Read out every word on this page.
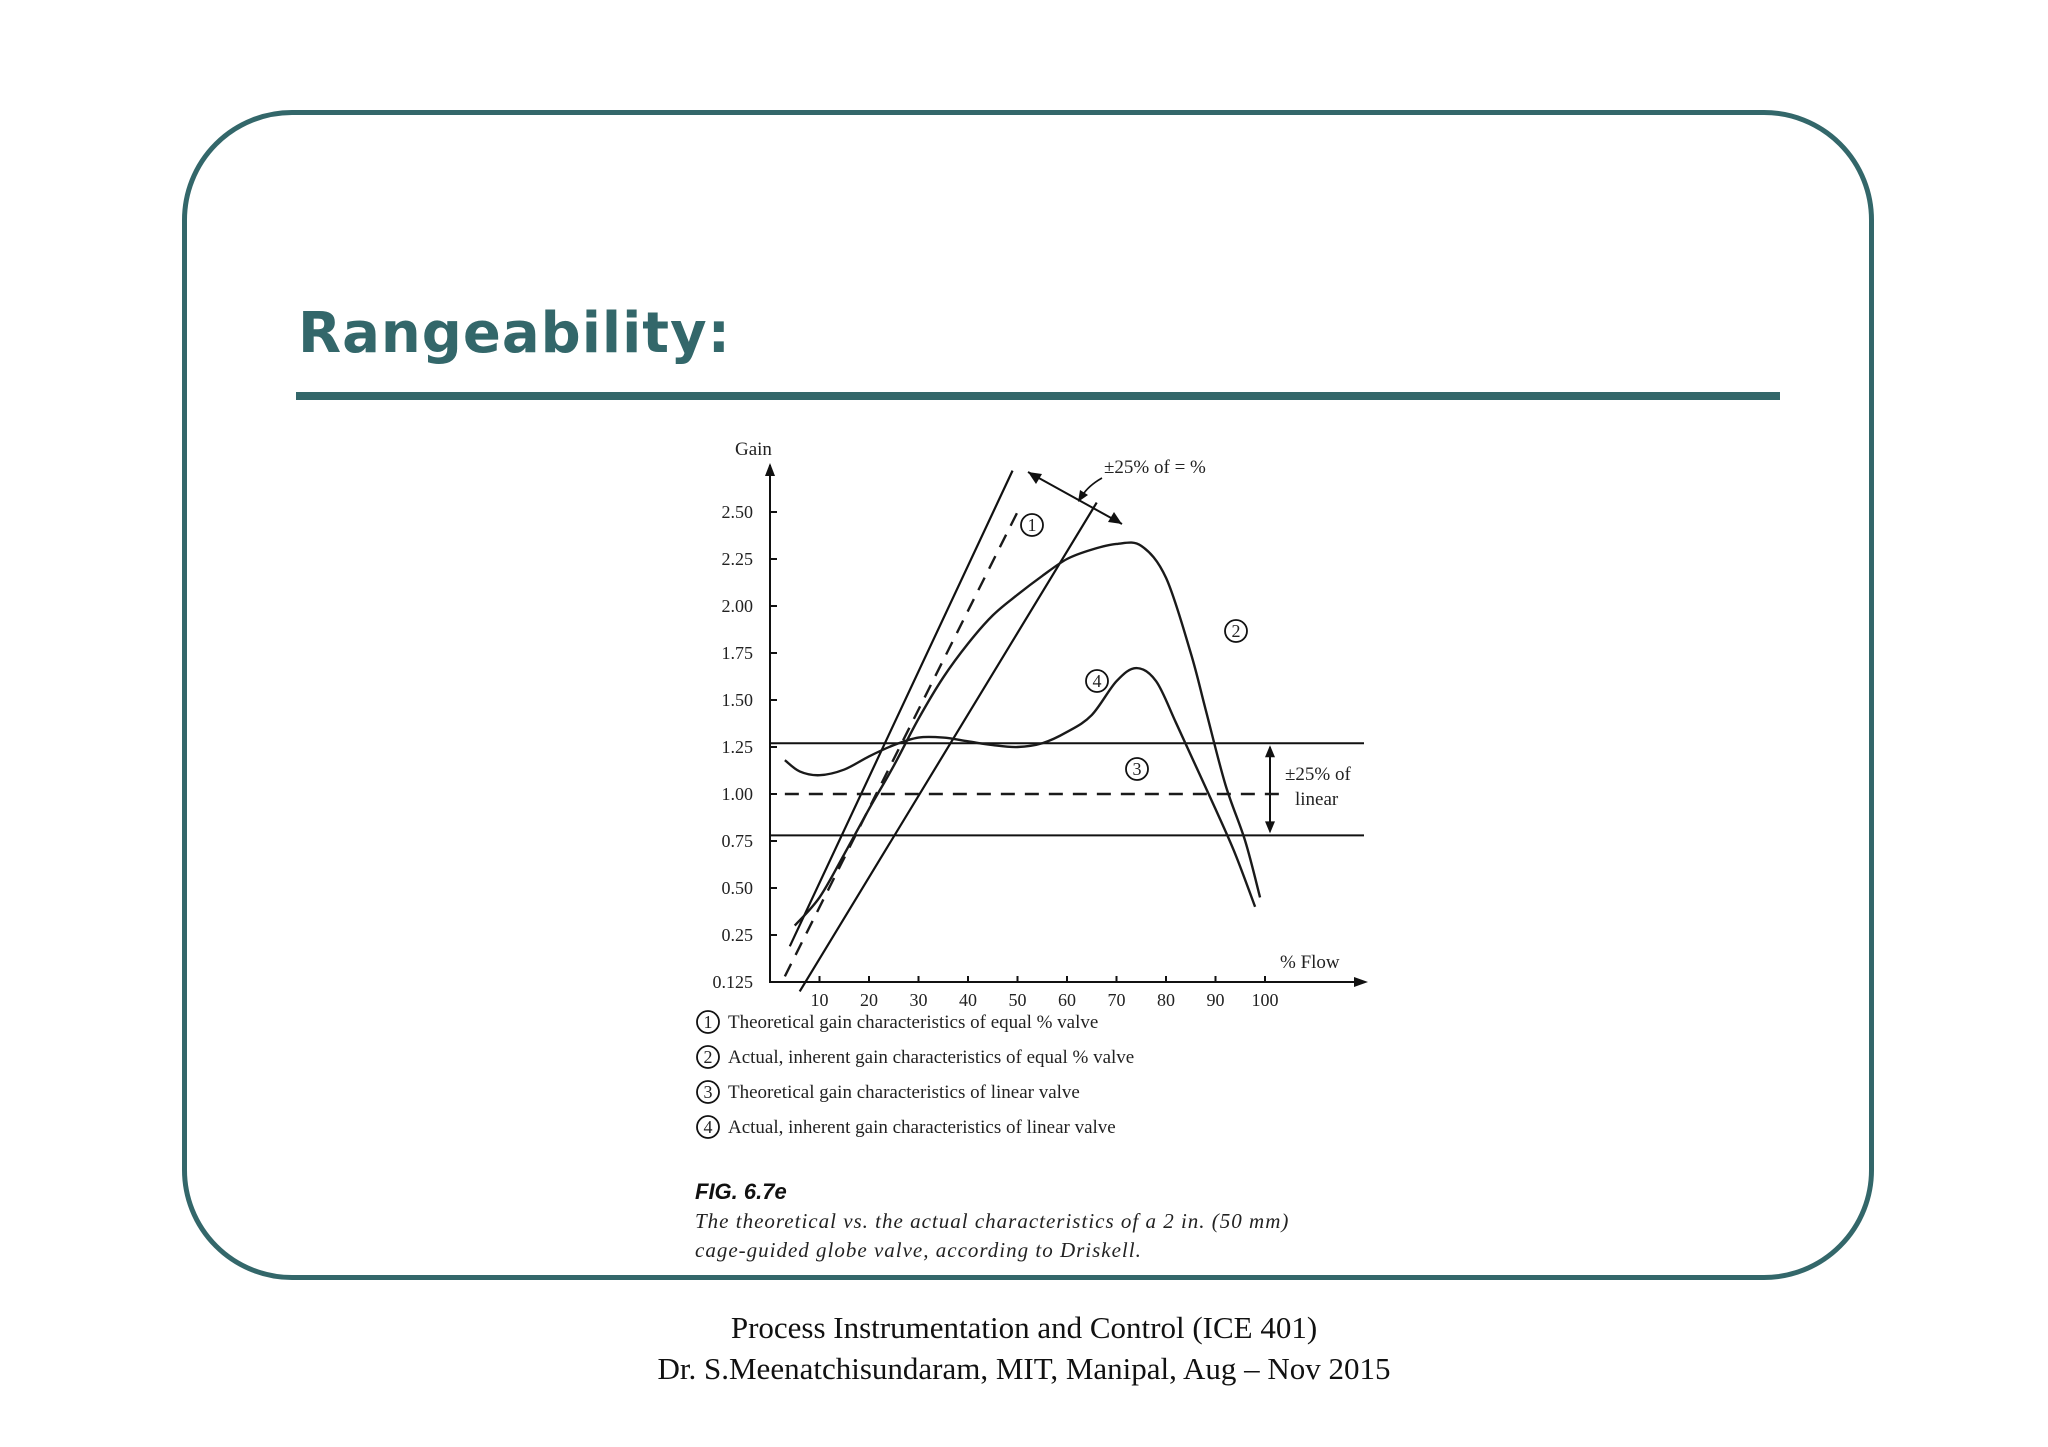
Rangeability:
0.125
0.25
0.50
0.75
1.00
1.25
1.50
1.75
2.00
2.25
2.50
10 20 30 40 50 60 70 80 90 100
1
2
3
4
Gain
% Flow
±25% of = %
±25% of
linear
1 Theoretical gain characteristics of equal % valve
2 Actual, inherent gain characteristics of equal % valve
3 Theoretical gain characteristics of linear valve
4 Actual, inherent gain characteristics of linear valve
FIG. 6.7e
The theoretical vs. the actual characteristics of a 2 in. (50 mm)
cage-guided globe valve, according to Driskell.
Process Instrumentation and Control (ICE 401)
Dr. S.Meenatchisundaram, MIT, Manipal, Aug – Nov 2015
